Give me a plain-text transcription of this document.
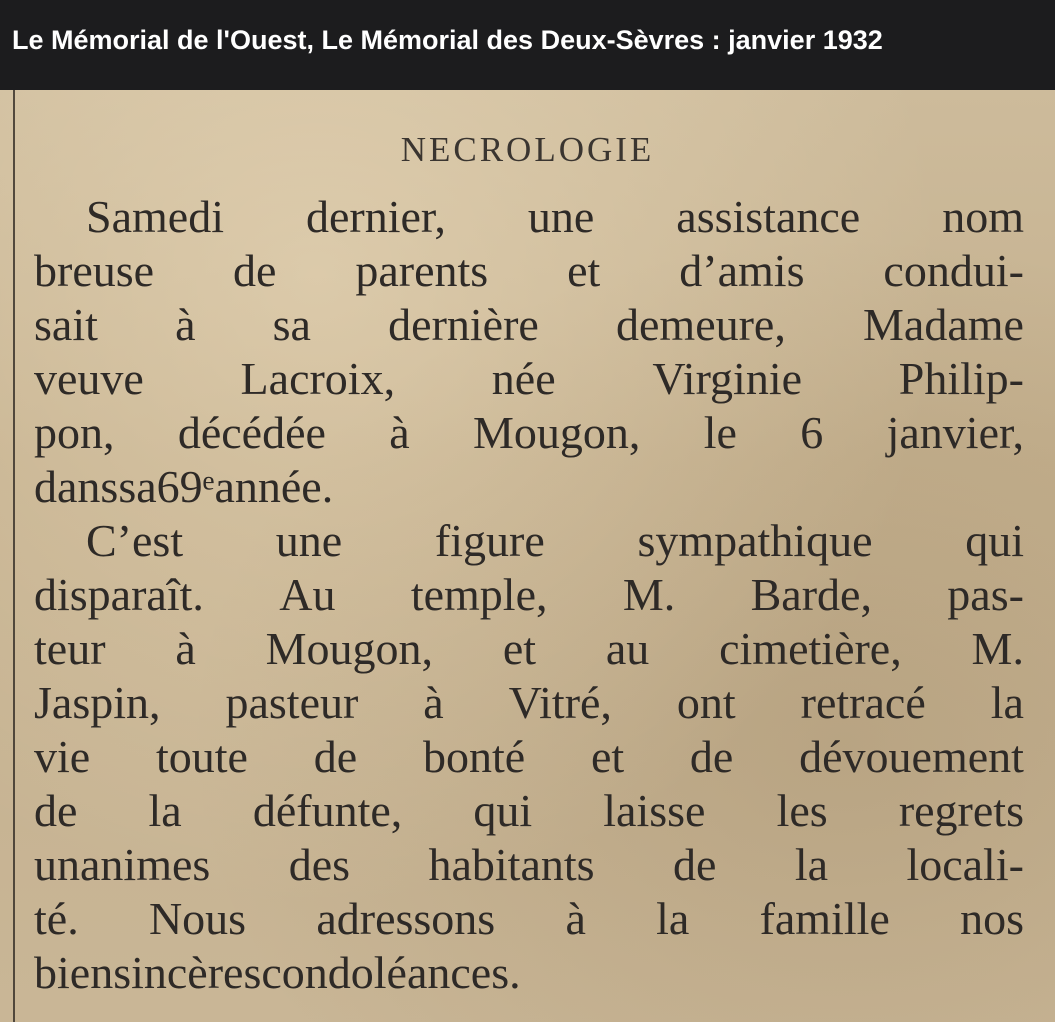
Le Mémorial de l'Ouest, Le Mémorial des Deux-Sèvres : janvier 1932
NECROLOGIE
Samedi dernier, une assistance nom
breuse de parents et d’amis condui-
sait à sa dernière demeure, Madame
veuve Lacroix, née Virginie Philip-
pon, décédée à Mougon, le 6 janvier,
dans sa 69ᵉ année.
C’est une figure sympathique qui
disparaît. Au temple, M. Barde, pas-
teur à Mougon, et au cimetière, M.
Jaspin, pasteur à Vitré, ont retracé la
vie toute de bonté et de dévouement
de la défunte, qui laisse les regrets
unanimes des habitants de la locali-
té. Nous adressons à la famille nos
bien sincères condoléances.
